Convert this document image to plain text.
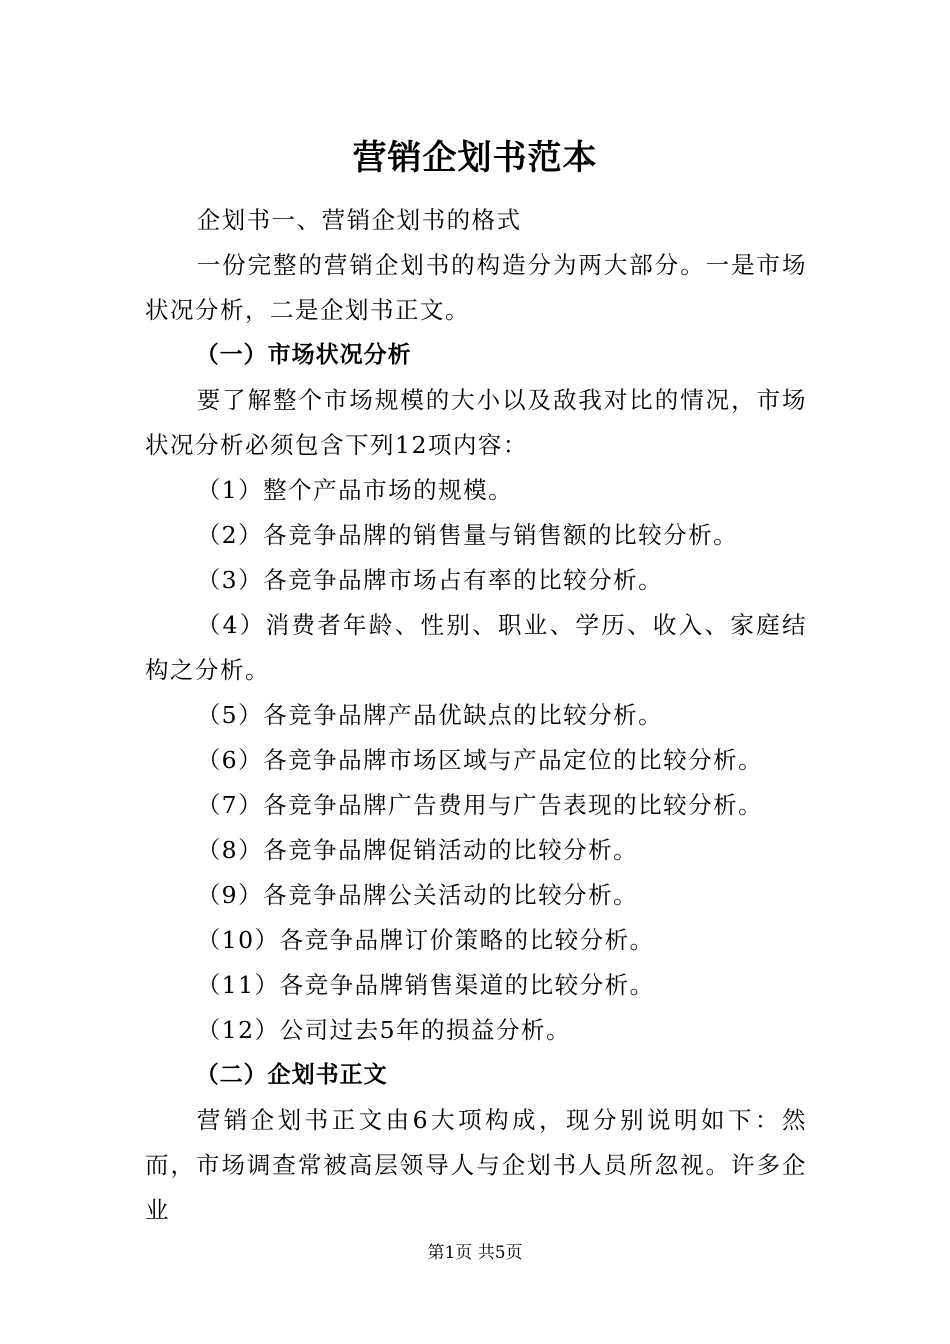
营销企划书范本

企划书一、营销企划书的格式

一份完整的营销企划书的构造分为两大部分。一是市场状况分析，二是企划书正文。

（一）市场状况分析

要了解整个市场规模的大小以及敌我对比的情况，市场状况分析必须包含下列12项内容：

（1）整个产品市场的规模。

（2）各竞争品牌的销售量与销售额的比较分析。

（3）各竞争品牌市场占有率的比较分析。

（4）消费者年龄、性别、职业、学历、收入、家庭结构之分析。

（5）各竞争品牌产品优缺点的比较分析。

（6）各竞争品牌市场区域与产品定位的比较分析。

（7）各竞争品牌广告费用与广告表现的比较分析。

（8）各竞争品牌促销活动的比较分析。

（9）各竞争品牌公关活动的比较分析。

（10）各竞争品牌订价策略的比较分析。

（11）各竞争品牌销售渠道的比较分析。

（12）公司过去5年的损益分析。

（二）企划书正文

营销企划书正文由6大项构成，现分别说明如下：然而，市场调查常被高层领导人与企划书人员所忽视。许多企业

第1页 共5页
